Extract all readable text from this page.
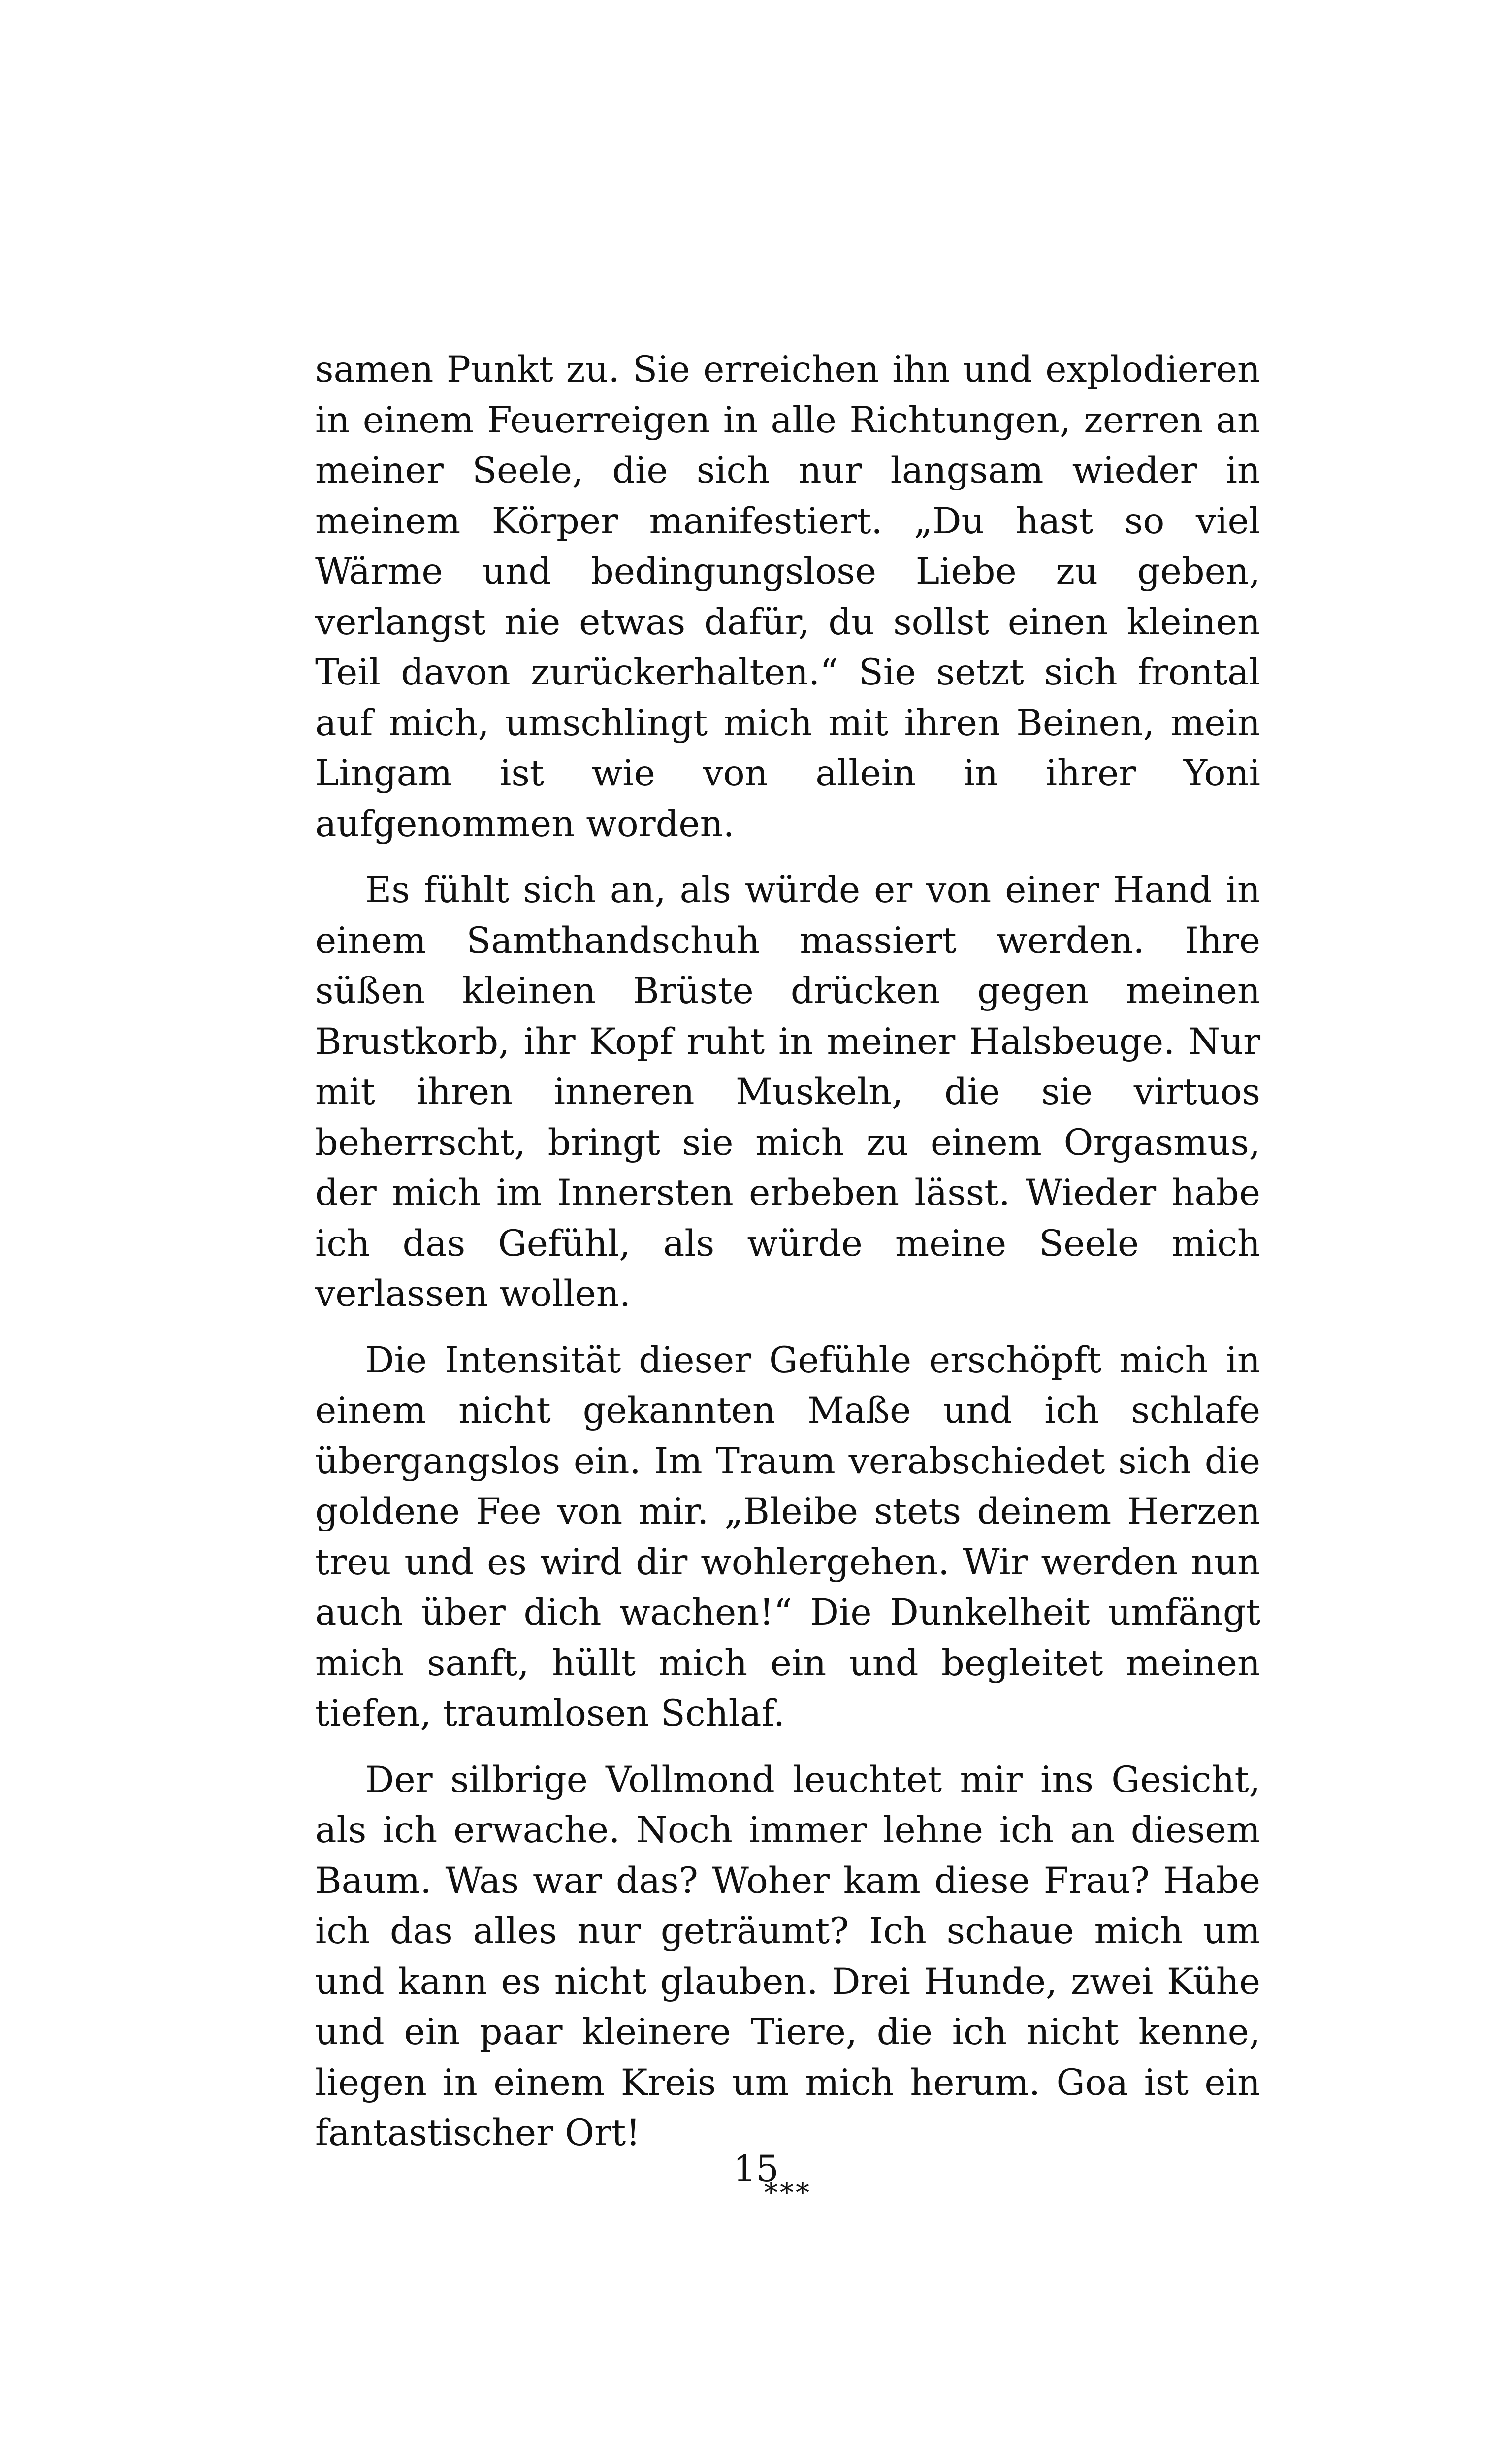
samen Punkt zu. Sie erreichen ihn und explodieren in einem Feuerreigen in alle Richtungen, zerren an meiner Seele, die sich nur langsam wieder in meinem Körper manifestiert. „Du hast so viel Wärme und bedingungslose Liebe zu geben, verlangst nie etwas dafür, du sollst einen kleinen Teil davon zurückerhalten.“ Sie setzt sich frontal auf mich, umschlingt mich mit ihren Beinen, mein Lingam ist wie von allein in ihrer Yoni aufgenommen worden.

Es fühlt sich an, als würde er von einer Hand in einem Samthandschuh massiert werden. Ihre süßen kleinen Brüste drücken gegen meinen Brustkorb, ihr Kopf ruht in meiner Halsbeuge. Nur mit ihren inneren Muskeln, die sie virtuos beherrscht, bringt sie mich zu einem Orgasmus, der mich im Innersten erbeben lässt. Wieder habe ich das Gefühl, als würde meine Seele mich verlassen wollen.

Die Intensität dieser Gefühle erschöpft mich in einem nicht gekannten Maße und ich schlafe übergangslos ein. Im Traum verabschiedet sich die goldene Fee von mir. „Bleibe stets deinem Herzen treu und es wird dir wohlergehen. Wir werden nun auch über dich wachen!“ Die Dunkelheit umfängt mich sanft, hüllt mich ein und begleitet meinen tiefen, traumlosen Schlaf.

Der silbrige Vollmond leuchtet mir ins Gesicht, als ich erwache. Noch immer lehne ich an diesem Baum. Was war das? Woher kam diese Frau? Habe ich das alles nur geträumt? Ich schaue mich um und kann es nicht glauben. Drei Hunde, zwei Kühe und ein paar kleinere Tiere, die ich nicht kenne, liegen in einem Kreis um mich herum. Goa ist ein fantastischer Ort!

***
15
